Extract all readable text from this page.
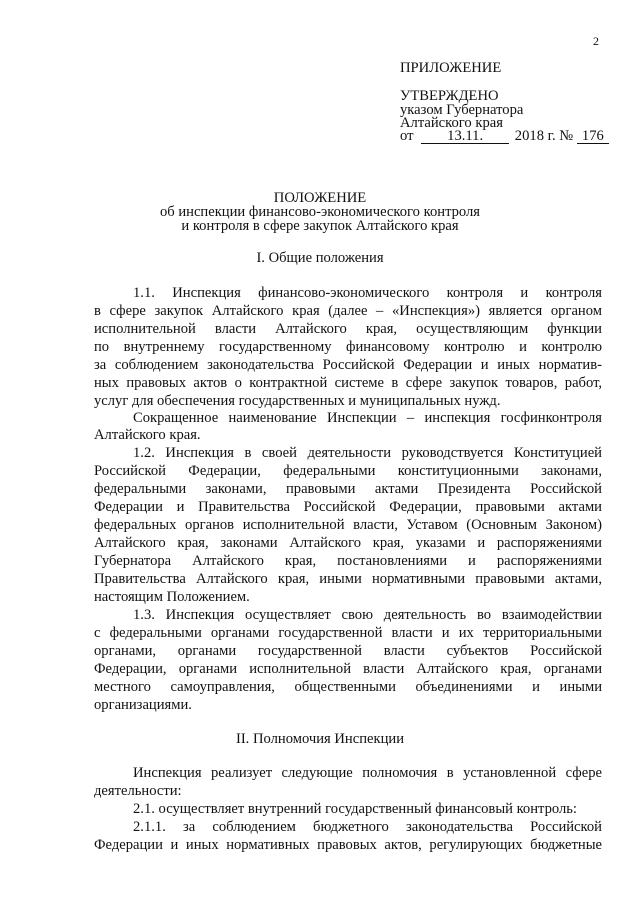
2
ПРИЛОЖЕНИЕ
УТВЕРЖДЕНО
указом Губернатора
Алтайского края
от 13.11. 2018 г. № 176
ПОЛОЖЕНИЕ
об инспекции финансово-экономического контроля
и контроля в сфере закупок Алтайского края
I. Общие положения
1.1. Инспекция финансово-экономического контроля и контроля
в сфере закупок Алтайского края (далее – «Инспекция») является органом
исполнительной власти Алтайского края, осуществляющим функции
по внутреннему государственному финансовому контролю и контролю
за соблюдением законодательства Российской Федерации и иных норматив-
ных правовых актов о контрактной системе в сфере закупок товаров, работ,
услуг для обеспечения государственных и муниципальных нужд.
Сокращенное наименование Инспекции – инспекция госфинконтроля
Алтайского края.
1.2. Инспекция в своей деятельности руководствуется Конституцией
Российской Федерации, федеральными конституционными законами,
федеральными законами, правовыми актами Президента Российской
Федерации и Правительства Российской Федерации, правовыми актами
федеральных органов исполнительной власти, Уставом (Основным Законом)
Алтайского края, законами Алтайского края, указами и распоряжениями
Губернатора Алтайского края, постановлениями и распоряжениями
Правительства Алтайского края, иными нормативными правовыми актами,
настоящим Положением.
1.3. Инспекция осуществляет свою деятельность во взаимодействии
с федеральными органами государственной власти и их территориальными
органами, органами государственной власти субъектов Российской
Федерации, органами исполнительной власти Алтайского края, органами
местного самоуправления, общественными объединениями и иными
организациями.
II. Полномочия Инспекции
Инспекция реализует следующие полномочия в установленной сфере
деятельности:
2.1. осуществляет внутренний государственный финансовый контроль:
2.1.1. за соблюдением бюджетного законодательства Российской
Федерации и иных нормативных правовых актов, регулирующих бюджетные
